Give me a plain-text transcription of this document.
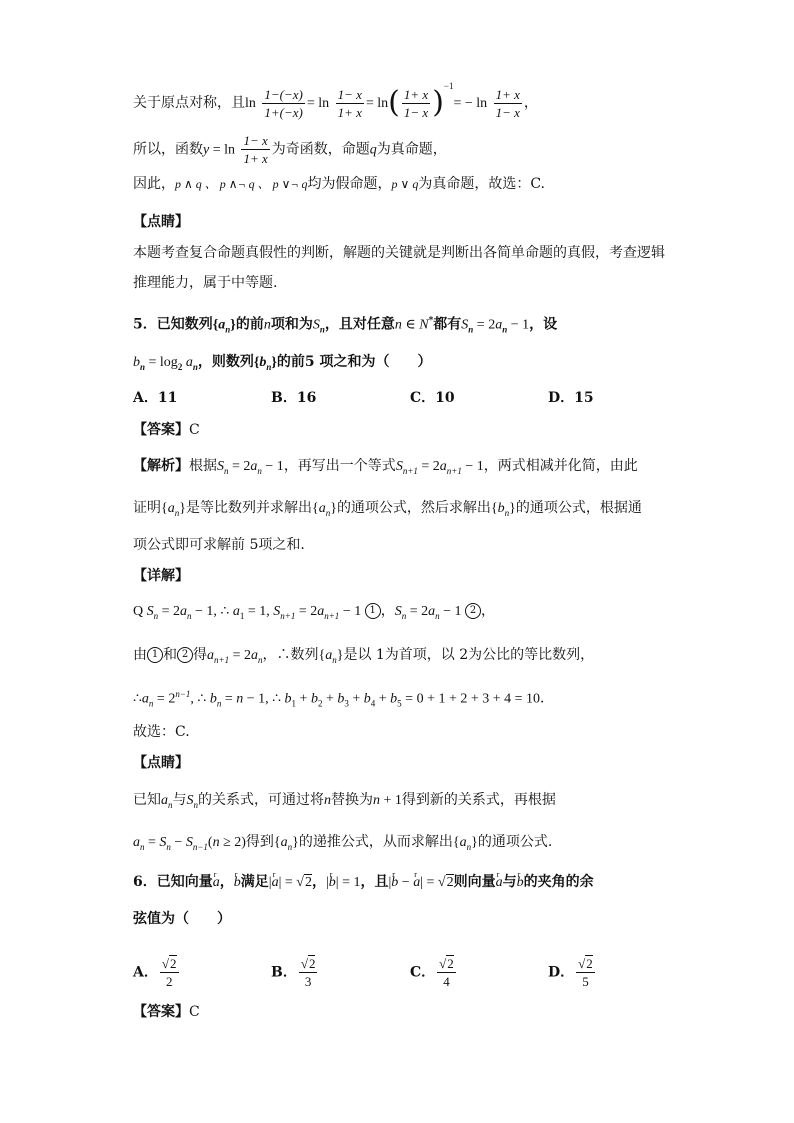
关于原点对称，且$\ln \frac{1-(-x)}{1+(-x)} = \ln \frac{1- x}{1+ x} = \ln( \frac{1+ x}{1- x} )^{-1}= - \ln \frac{1+ x}{1- x}$ ，
所以，函数$y = \ln \frac{1- x}{1+ x}$ 为奇函数，命题q为真命题，
因此，p ∧ q 、 p ∧¬ q 、 p ∨¬ q均为假命题，p ∨ q为真命题，故选：C.
【点睛】
本题考查复合命题真假性的判断，解题的关键就是判断出各简单命题的真假，考查逻辑
推理能力，属于中等题.
5．已知数列$\{a_n\}$的前n项和为$S_n$，且对任意n ∈ N*都有$S_n = 2a_n - 1$，设
$b_n = \log_2 a_n$，则数列$\{b_n\}$的前5 项之和为（　　）
A．11	B．16	C．10	D．15
【答案】C
【解析】根据$S_n = 2a_n - 1$，再写出一个等式$S_{n+1} = 2a_{n+1} - 1$，两式相减并化简，由此
证明$\{a_n\}$是等比数列并求解出$\{a_n\}$的通项公式，然后求解出$\{b_n\}$的通项公式，根据通
项公式即可求解前 5项之和.
【详解】
Q $S_n = 2a_n - 1$, ∴ $a_1 = 1$, $S_{n+1} = 2a_{n+1} - 1$ 1 ，$S_n = 2a_n - 1$ 2 ，
由 1 和 2 得$a_{n+1} = 2a_n$，∴数列$\{a_n\}$是以 1为首项，以 2为公比的等比数列，
$\therefore a_n = 2^{n-1}$, ∴ $b_n = n - 1$, ∴ $b_1 + b_2 + b_3 + b_4 + b_5 = 0 + 1 + 2 + 3 + 4 = 10$．
故选：C.
【点睛】
已知$a_n$与$S_n$的关系式，可通过将n替换为n + 1得到新的关系式，再根据
$a_n = S_n - S_{n-1}(n \ge 2)$得到$\{a_n\}$的递推公式，从而求解出$\{a_n\}$的通项公式.
6．已知向量r a，r b满足|r a| = √2，|r b| = 1，且|r b − r a| = √2则向量r a与r b的夹角的余
弦值为（　　）
A． $\frac{√2}{2}$	B． $\frac{√2}{3}$	C． $\frac{√2}{4}$	D． $\frac{√2}{5}$
【答案】C
